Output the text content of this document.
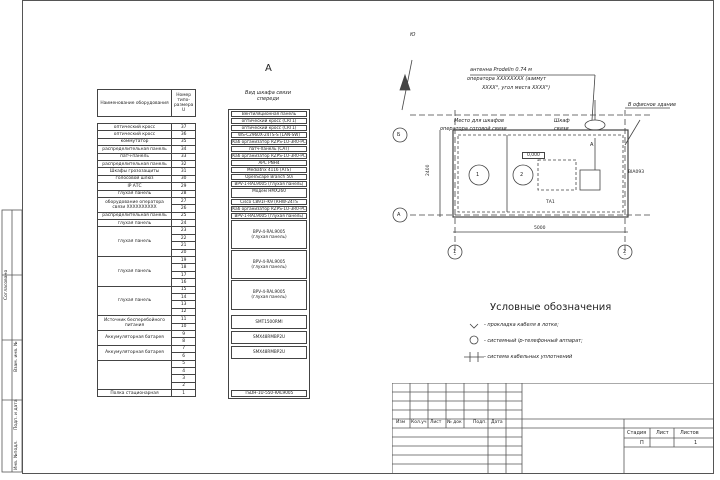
Согласовано
Взам. инв. №
Подп. и дата
Инв. №подл.
А
Наименование оборудования	Номер типо-размера U

оптический кросс	37
оптический кросс	36
коммутатор	35
распределительная панель	34
патч-панель	33
распределительная панель	32
Шкафы грозозащиты	31
голосовой шлюз	30
IP АТС	29
глухая панель	28
оборудование оператора связи XXXXXXXXXX	27
	26
распределительная панель	25
глухая панель	24
глухая панель	23
	22
	21
	20
глухая панель	19
	18
	17
	16
глухая панель	15
	14
	13
	12
Источник бесперебойного питания	11
	10
Аккумуляторная батарея	9
	8
Аккумуляторная батарея	7
	6
	5
	4
	3
	2
Полка стационарная	1
Вид шкафа связи спереди
Вентиляционная панель
оптический кросс (CRT1)
оптический кросс (CRT1)
WS-C2960X-24TS-S (LAN-SW)
Каб организатор RZPS-1U-3R0-PC
патч-панель (CAT)
Каб организатор RZPS-1U-3R0-PC
APC PNH4
Mediatrix 4116 (ATS)
OpenScape Branch 50i
BPV-1-RAL9005 (глухая панель)
Модем HMX260
Cisco C891F-K9 (RHW-24TS
Каб организатор RZPS-1U-3R0-PC
BPV-1-RAL9005 (глухая панель)
BPV-4-RAL9005
(глухая панель)
BPV-4-RAL9005
(глухая панель)
BPV-4-RAL9005
(глухая панель)
SMT1500RMI
SMX48RMBP2U
SMX48RMBP2U
TSDH-1U-550-RAL9005
антенна Prodelin 0.74 м
оператора XXXXXXXX (азимут
XXXX°, угол места XXXX°)
В офисное здание
Место для шкафов
оператора сотовой связи
Шкаф
связи
1	2
0,000
А
ТА1
BIA093
5000
2400
Б
А
1	2
Ю
Условные обозначения
- прокладка кабеля в лотке;
- системный ip-телефонный аппарат;
- система кабельных уплотнений
Изм Кол.уч Лист № док	Подп. Дата
Стадия Лист Листов
П	1
